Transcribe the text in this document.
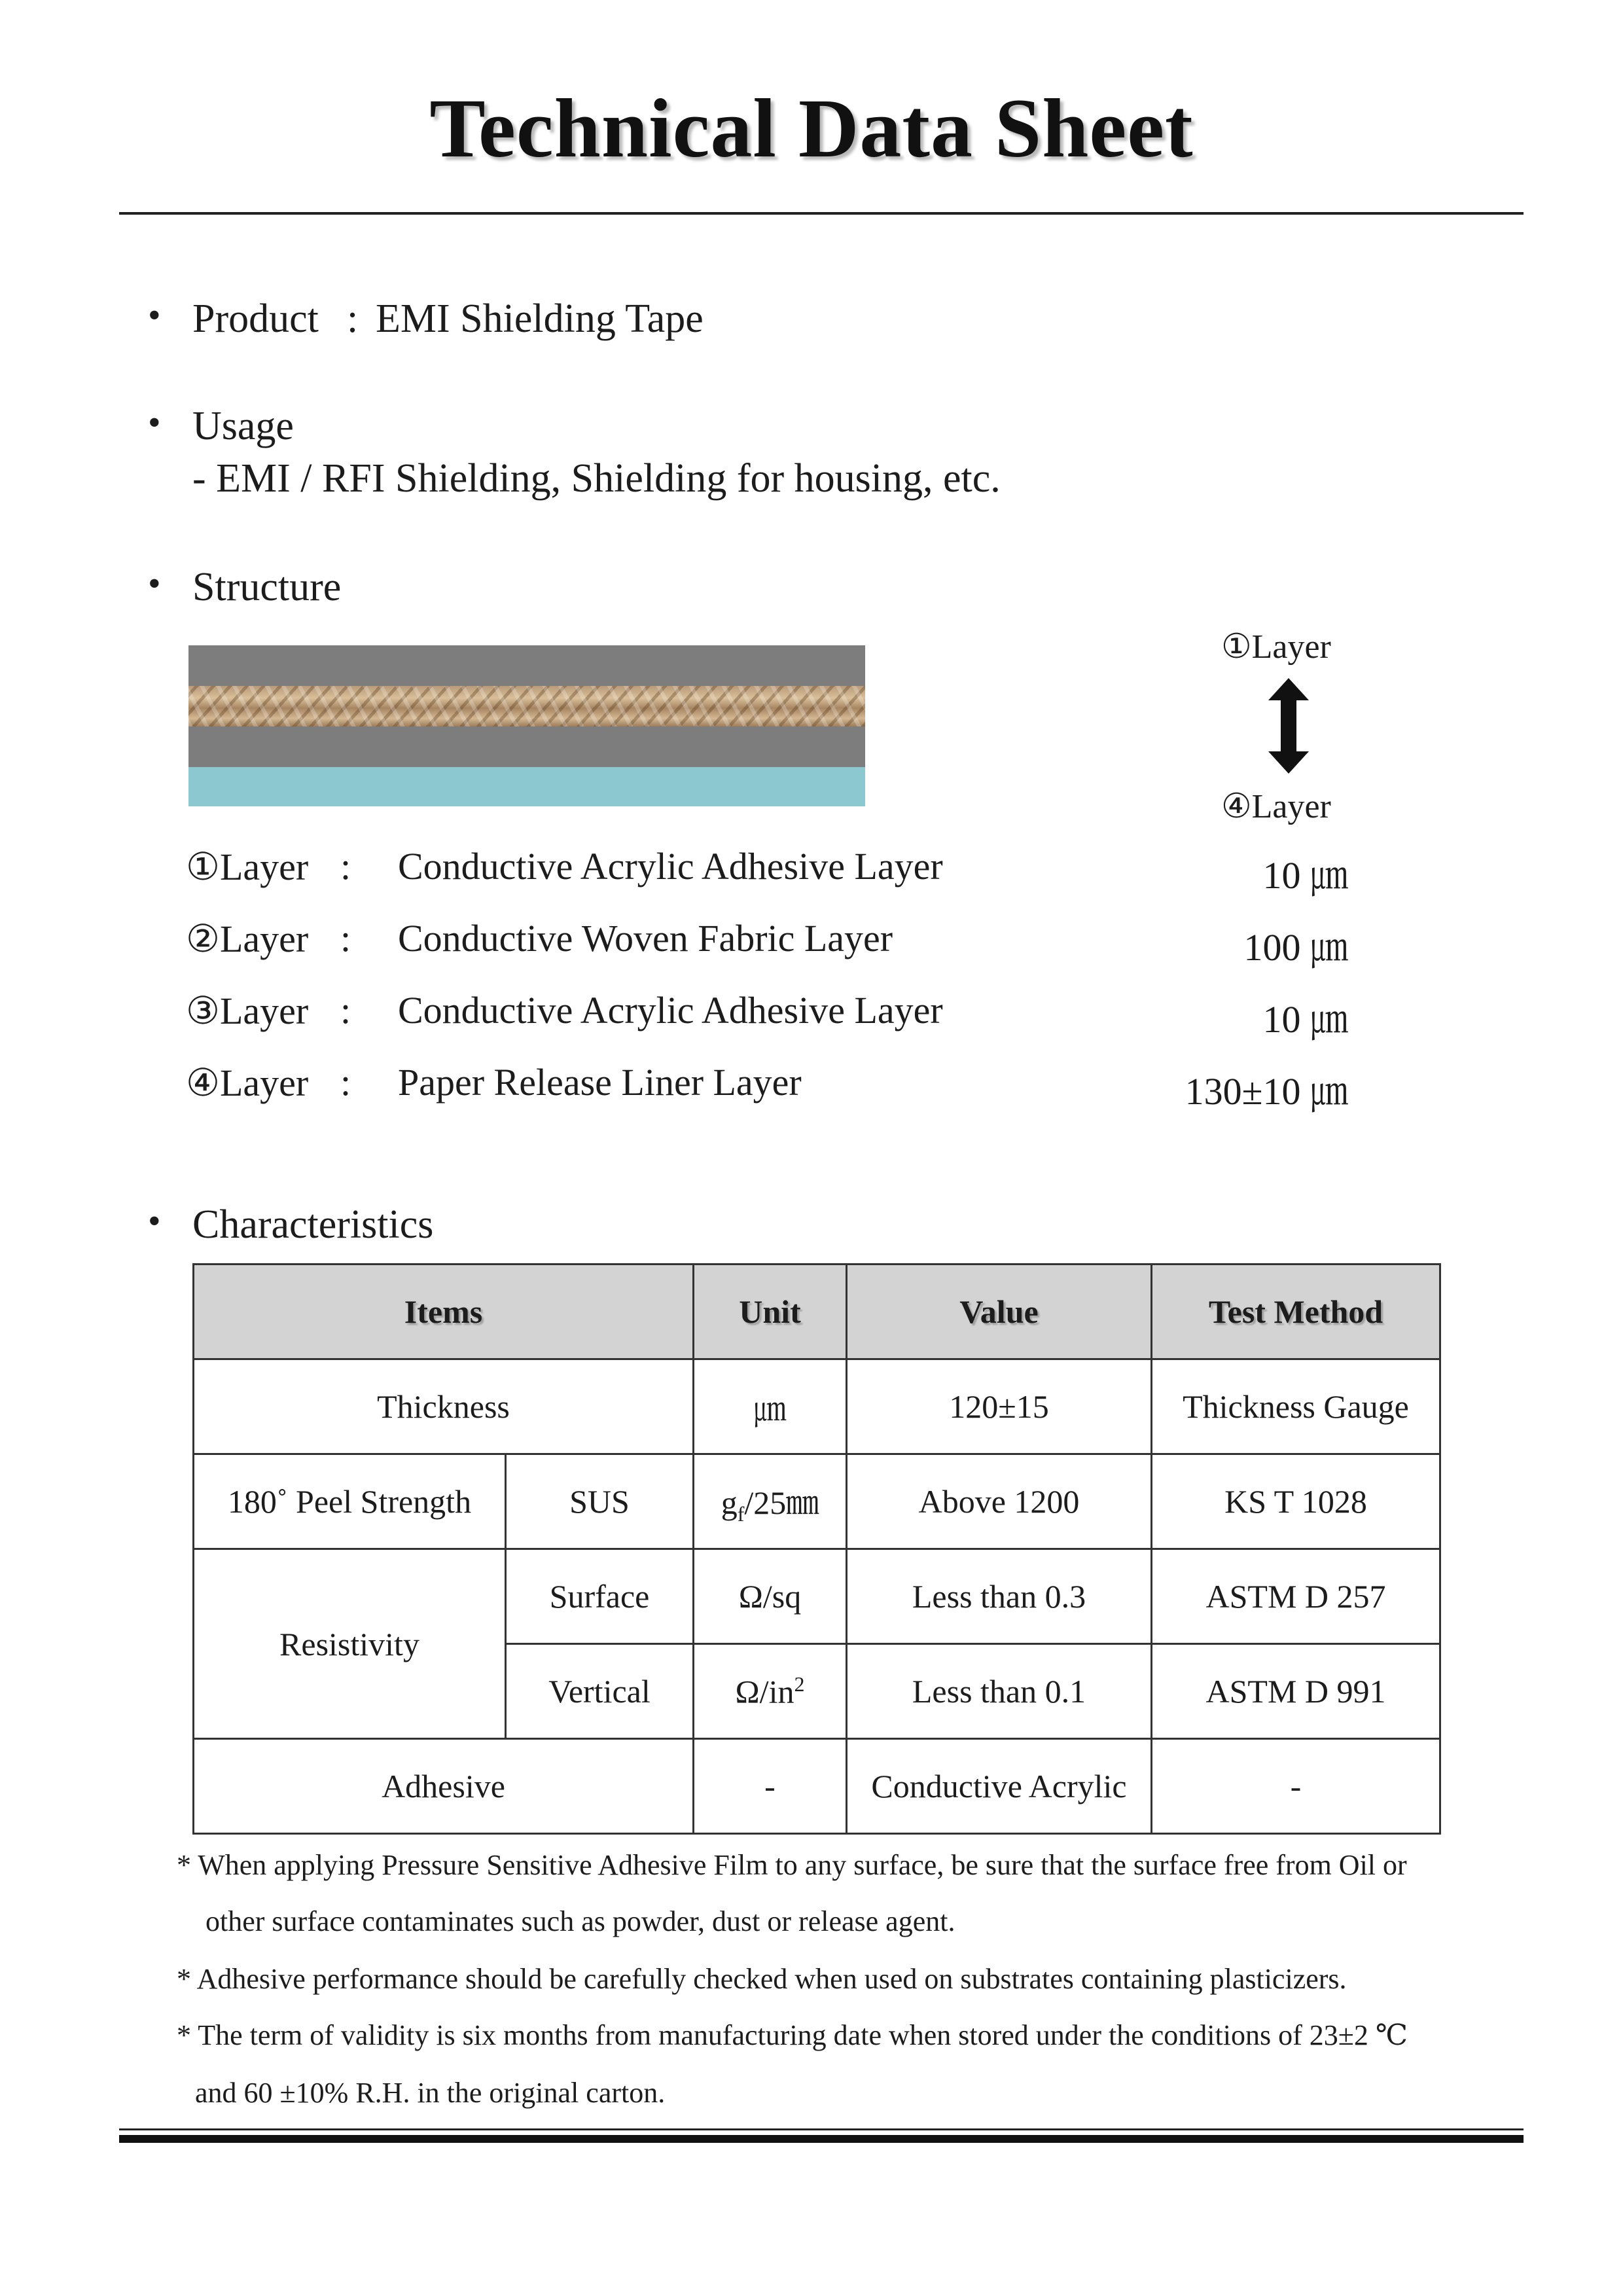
Technical Data Sheet
• Product : EMI Shielding Tape
• Usage
- EMI / RFI Shielding, Shielding for housing, etc.
• Structure
①Layer
④Layer
①Layer : Conductive Acrylic Adhesive Layer	10 ㎛
②Layer : Conductive Woven Fabric Layer	100 ㎛
③Layer : Conductive Acrylic Adhesive Layer	10 ㎛
④Layer : Paper Release Liner Layer	130±10 ㎛
• Characteristics
Items		Unit	Value	Test Method
Thickness		㎛	120±15	Thickness Gauge
180˚ Peel Strength	SUS	$g_f/25㎜$	Above 1200	KS T 1028
Resistivity	Surface	Ω/sq	Less than 0.3	ASTM D 257
	Vertical	$\Omega/in^2$	Less than 0.1	ASTM D 991
Adhesive		-	Conductive Acrylic	-
* When applying Pressure Sensitive Adhesive Film to any surface, be sure that the surface free from Oil or
other surface contaminates such as powder, dust or release agent.
* Adhesive performance should be carefully checked when used on substrates containing plasticizers.
* The term of validity is six months from manufacturing date when stored under the conditions of 23±2 ℃
and 60 ±10% R.H. in the original carton.
